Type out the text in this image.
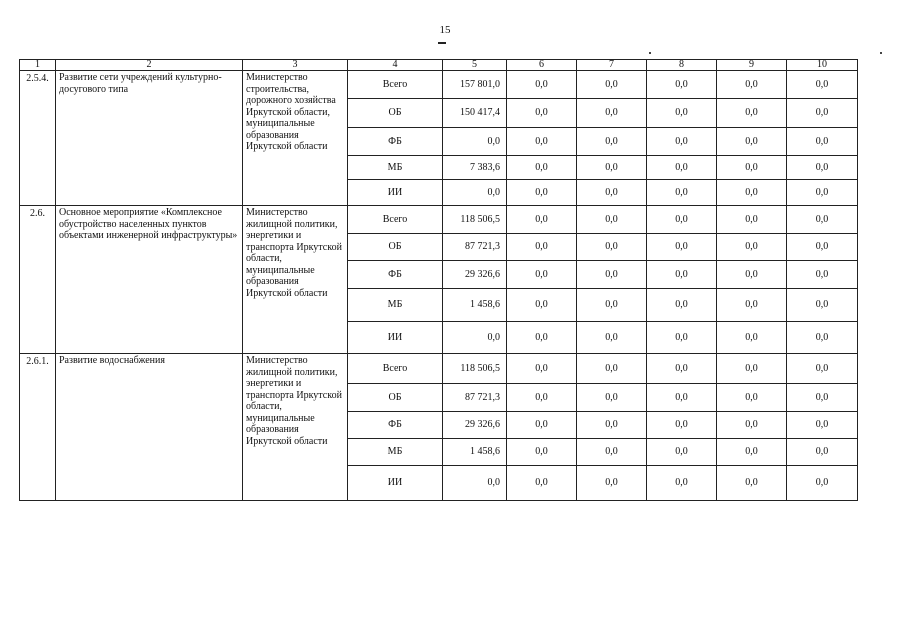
15
1	2	3	4	5	6	7	8	9	10
2.5.4.	Развитие сети учреждений культурно-досугового типа	Министерство строительства, дорожного хозяйства Иркутской области, муниципальные образования Иркутской области	Всего	157 801,0	0,0	0,0	0,0	0,0	0,0
			ОБ	150 417,4	0,0	0,0	0,0	0,0	0,0
			ФБ	0,0	0,0	0,0	0,0	0,0	0,0
			МБ	7 383,6	0,0	0,0	0,0	0,0	0,0
			ИИ	0,0	0,0	0,0	0,0	0,0	0,0
2.6.	Основное мероприятие «Комплексное обустройство населенных пунктов объектами инженерной инфраструктуры»	Министерство жилищной политики, энергетики и транспорта Иркутской области, муниципальные образования Иркутской области	Всего	118 506,5	0,0	0,0	0,0	0,0	0,0
			ОБ	87 721,3	0,0	0,0	0,0	0,0	0,0
			ФБ	29 326,6	0,0	0,0	0,0	0,0	0,0
			МБ	1 458,6	0,0	0,0	0,0	0,0	0,0
			ИИ	0,0	0,0	0,0	0,0	0,0	0,0
2.6.1.	Развитие водоснабжения	Министерство жилищной политики, энергетики и транспорта Иркутской области, муниципальные образования Иркутской области	Всего	118 506,5	0,0	0,0	0,0	0,0	0,0
			ОБ	87 721,3	0,0	0,0	0,0	0,0	0,0
			ФБ	29 326,6	0,0	0,0	0,0	0,0	0,0
			МБ	1 458,6	0,0	0,0	0,0	0,0	0,0
			ИИ	0,0	0,0	0,0	0,0	0,0	0,0
